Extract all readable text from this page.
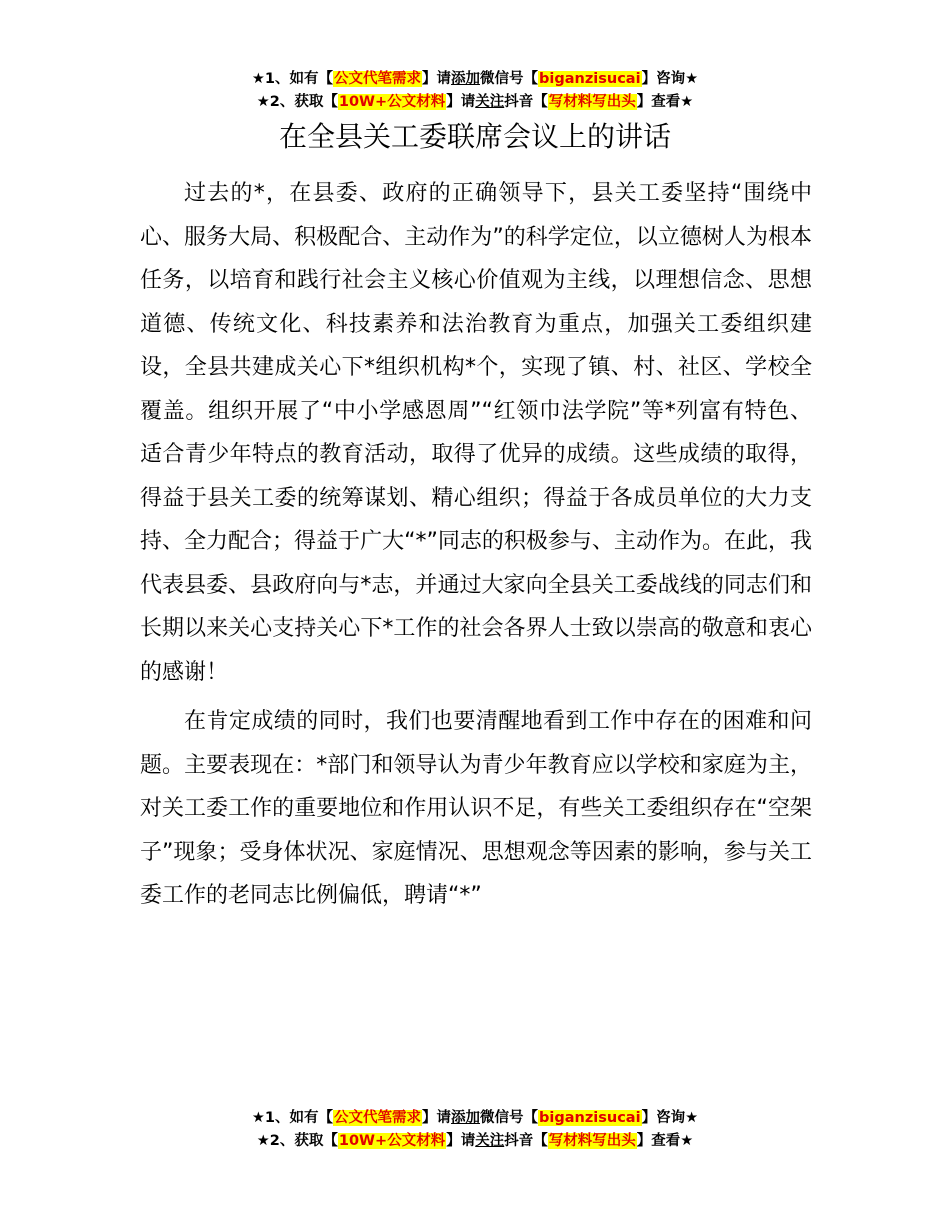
★1、如有【公文代笔需求】请添加微信号【biganzisucai】咨询★
★2、获取【10W+公文材料】请关注抖音【写材料写出头】查看★
在全县关工委联席会议上的讲话

过去的*，在县委、政府的正确领导下，县关工委坚持“围绕中心、服务大局、积极配合、主动作为”的科学定位，以立德树人为根本任务，以培育和践行社会主义核心价值观为主线，以理想信念、思想道德、传统文化、科技素养和法治教育为重点，加强关工委组织建设，全县共建成关心下*组织机构*个，实现了镇、村、社区、学校全覆盖。组织开展了“中小学感恩周”“红领巾法学院”等*列富有特色、适合青少年特点的教育活动，取得了优异的成绩。这些成绩的取得，得益于县关工委的统筹谋划、精心组织；得益于各成员单位的大力支持、全力配合；得益于广大“*”同志的积极参与、主动作为。在此，我代表县委、县政府向与*志，并通过大家向全县关工委战线的同志们和长期以来关心支持关心下*工作的社会各界人士致以崇高的敬意和衷心的感谢！

在肯定成绩的同时，我们也要清醒地看到工作中存在的困难和问题。主要表现在：*部门和领导认为青少年教育应以学校和家庭为主，对关工委工作的重要地位和作用认识不足，有些关工委组织存在“空架子”现象；受身体状况、家庭情况、思想观念等因素的影响，参与关工委工作的老同志比例偏低，聘请“*”

★1、如有【公文代笔需求】请添加微信号【biganzisucai】咨询★
★2、获取【10W+公文材料】请关注抖音【写材料写出头】查看★
